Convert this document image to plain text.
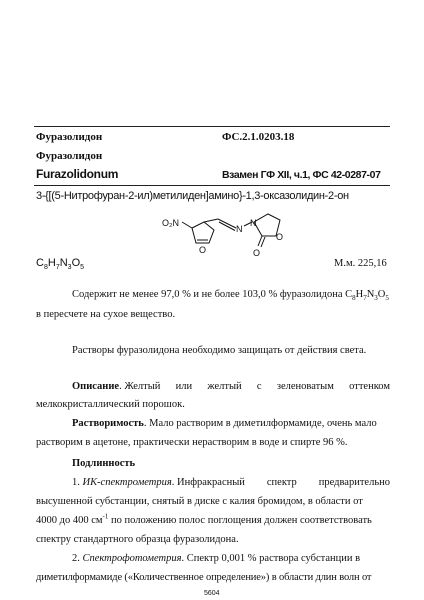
Фуразолидон	ФС.2.1.0203.18
Фуразолидон
Furazolidonum	Взамен ГФ XII, ч.1, ФС 42-0287-07
3-{[(5-Нитрофуран-2-ил)метилиден]амино}-1,3-оксазолидин-2-он
O₂N
O
N
N
O
O
$C_8H_7N_3O_5$	М.м. 225,16
Содержит не менее 97,0 % и не более 103,0 % фуразолидона $C_8H_7N_3O_5$
в пересчете на сухое вещество.
Растворы фуразолидона необходимо защищать от действия света.
Описание. Желтый или желтый с зеленоватым оттенком
мелкокристаллический порошок.
Растворимость. Мало растворим в диметилформамиде, очень мало
растворим в ацетоне, практически нерастворим в воде и спирте 96 %.
Подлинность
1. ИК-спектрометрия. Инфракрасный спектр предварительно
высушенной субстанции, снятый в диске с калия бромидом, в области от
4000 до 400 $см^{-1}$ по положению полос поглощения должен соответствовать
спектру стандартного образца фуразолидона.
2. Спектрофотометрия. Спектр 0,001 % раствора субстанции в
диметилформамиде («Количественное определение») в области длин волн от
5604
